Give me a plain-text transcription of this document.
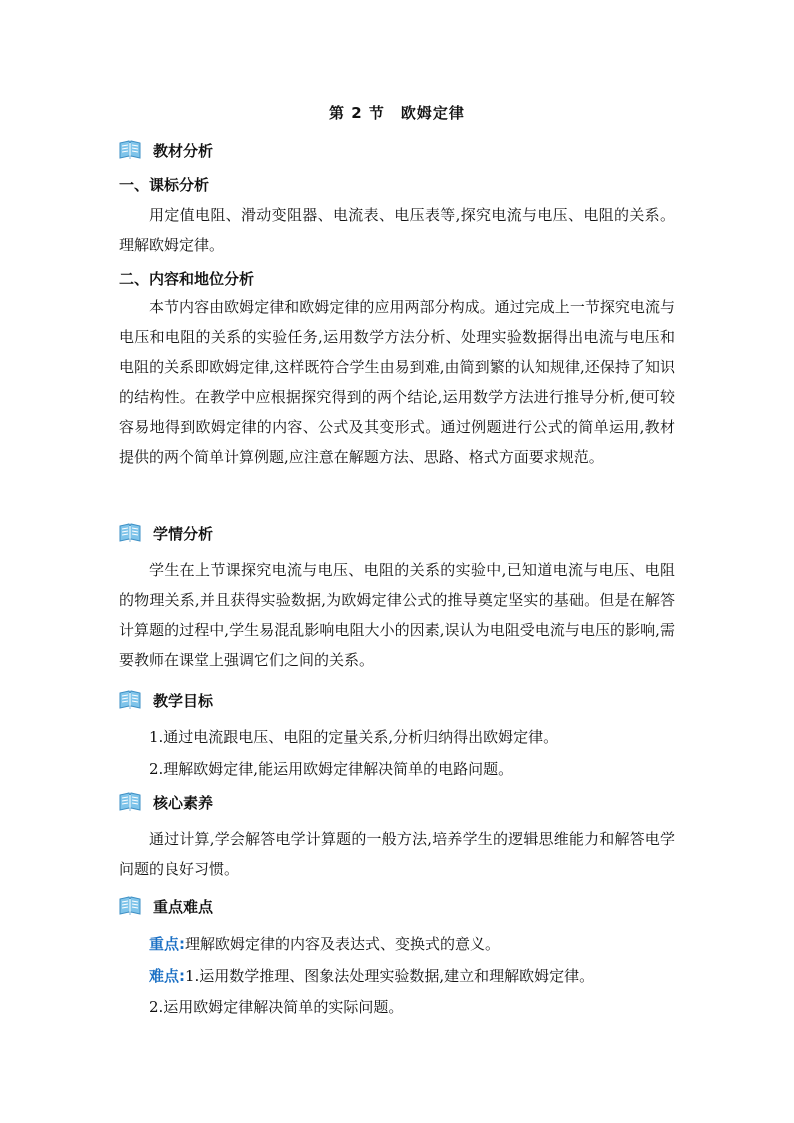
第 2 节　欧姆定律
教材分析
一、课标分析

用定值电阻、滑动变阻器、电流表、电压表等,探究电流与电压、电阻的关系。理解欧姆定律。

二、内容和地位分析

本节内容由欧姆定律和欧姆定律的应用两部分构成。通过完成上一节探究电流与电压和电阻的关系的实验任务,运用数学方法分析、处理实验数据得出电流与电压和电阻的关系即欧姆定律,这样既符合学生由易到难,由简到繁的认知规律,还保持了知识的结构性。在教学中应根据探究得到的两个结论,运用数学方法进行推导分析,便可较容易地得到欧姆定律的内容、公式及其变形式。通过例题进行公式的简单运用,教材提供的两个简单计算例题,应注意在解题方法、思路、格式方面要求规范。

学情分析

学生在上节课探究电流与电压、电阻的关系的实验中,已知道电流与电压、电阻的物理关系,并且获得实验数据,为欧姆定律公式的推导奠定坚实的基础。但是在解答计算题的过程中,学生易混乱影响电阻大小的因素,误认为电阻受电流与电压的影响,需要教师在课堂上强调它们之间的关系。

教学目标
1.通过电流跟电压、电阻的定量关系,分析归纳得出欧姆定律。
2.理解欧姆定律,能运用欧姆定律解决简单的电路问题。
核心素养

通过计算,学会解答电学计算题的一般方法,培养学生的逻辑思维能力和解答电学问题的良好习惯。

重点难点
重点:理解欧姆定律的内容及表达式、变换式的意义。
难点:1.运用数学推理、图象法处理实验数据,建立和理解欧姆定律。
2.运用欧姆定律解决简单的实际问题。
